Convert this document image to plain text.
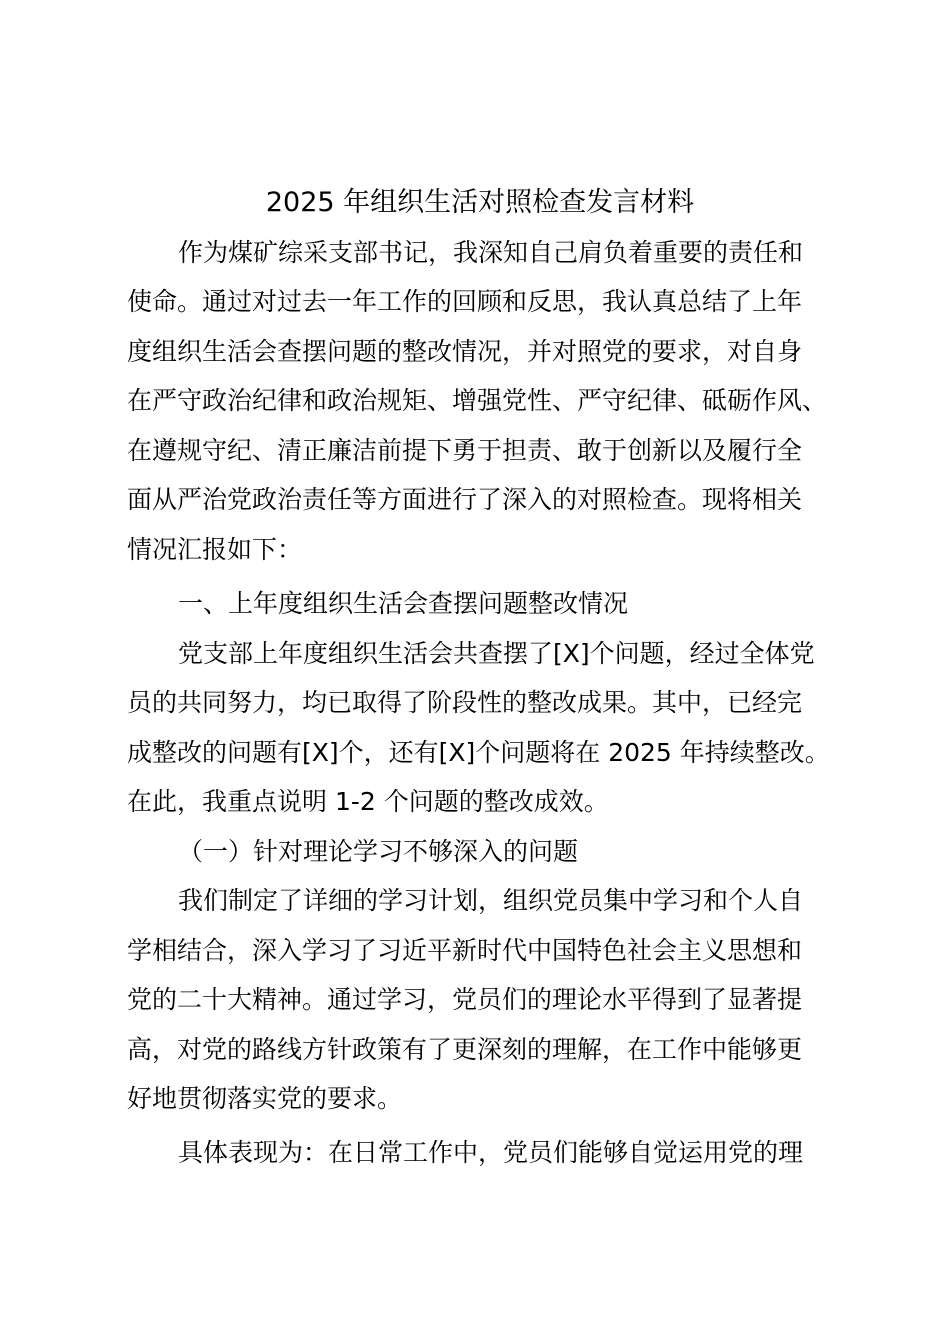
2025 年组织生活对照检查发言材料
作为煤矿综采支部书记，我深知自己肩负着重要的责任和
使命。通过对过去一年工作的回顾和反思，我认真总结了上年
度组织生活会查摆问题的整改情况，并对照党的要求，对自身
在严守政治纪律和政治规矩、增强党性、严守纪律、砥砺作风、
在遵规守纪、清正廉洁前提下勇于担责、敢于创新以及履行全
面从严治党政治责任等方面进行了深入的对照检查。现将相关
情况汇报如下：
一、上年度组织生活会查摆问题整改情况
党支部上年度组织生活会共查摆了[X]个问题，经过全体党
员的共同努力，均已取得了阶段性的整改成果。其中，已经完
成整改的问题有[X]个，还有[X]个问题将在 2025 年持续整改。
在此，我重点说明 1-2 个问题的整改成效。
（一）针对理论学习不够深入的问题
我们制定了详细的学习计划，组织党员集中学习和个人自
学相结合，深入学习了习近平新时代中国特色社会主义思想和
党的二十大精神。通过学习，党员们的理论水平得到了显著提
高，对党的路线方针政策有了更深刻的理解，在工作中能够更
好地贯彻落实党的要求。
具体表现为：在日常工作中，党员们能够自觉运用党的理
